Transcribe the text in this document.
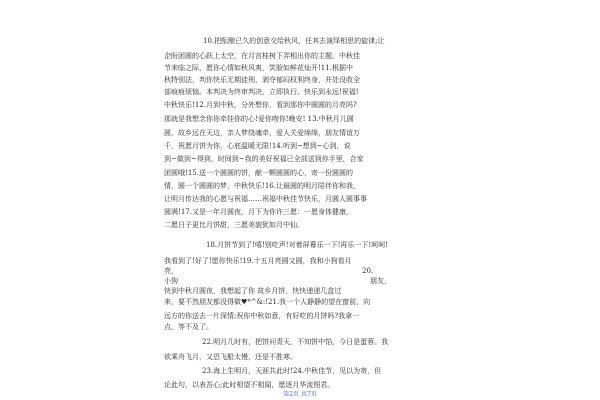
10.把酝酿已久的创意交给秋风，任其去演绎相思的旋律;让
企盼团圆的心跃上太空，在月宫桂树下弄相出你的主题。中秋佳
节来临之际，愿你心情如秋风爽，笑脸如鲜花灿开!11.根据中
秋特别法，判你快乐无期徒刑，剥夺郁闷权利终身，并处没收全
部痕痕烦恼。本判决为终审判决，立即执行。快乐到永远!祝福!
中秋快乐!12.月到中秋，分外想你，看到那你中圆圆的月亮吗?
那就是我想念你你牵挂你的心!爱你吻你!晚安! 13.中秋月儿圆
圆，故乡远在天边，亲人梦绕魂牵，爱人关爱绵绵，朋友情谊万
千，祝愿月饼为你，心底温暖无限!14.听到~想到~心到，说
到~做到~得到，时间到~我的美好祝福已全部送到你手里，合家
团圆哦!15.送一个圆圆的饼，献一颗圆圆的心，寄一份圆圆的
情，圆一个圆圆的梦，中秋快乐!16.让最圆的明月陪伴你和我，
让明月传达我的心愿与祝福……祝福中秋佳节快乐，月圆人圆事事
圆满!17.又是一年月圆夜，月下为你许三愿：一愿身体健康，
二愿日子更比月饼甜，三愿美貌犹如月中仙。
18.月饼节到了!嘻!别吃声!对着屏幕乐一下!再乐一下!呵呵!
我看到了!好了!愿你快乐!19.十五月亮圆又圆，我和小狗看月
亮，	20.
小狗	朋友，
快到中秋月圆夜，我想起了你 故乡月饼，快快递递几盒过
来，要不然朋友都没得做♥*^&:!21.我一个人静静的望在窗前，向
远方的你送去一片深情;祝你中秋如意，有好吃的月饼吗?我拿一
点，等不及了。
22.明月几时有，把饼问青天，不知饼中馅，今日是蛋蓉。我
欲乘舟飞月，又恐飞船太慢，还是不胜寒。
23.海上生明月，天涯共此时!24.中秋佳节，见以为寄，但
论此句，以表吾心;此时相望不相闻，愿逐月华流照君。
第2页 共7页
